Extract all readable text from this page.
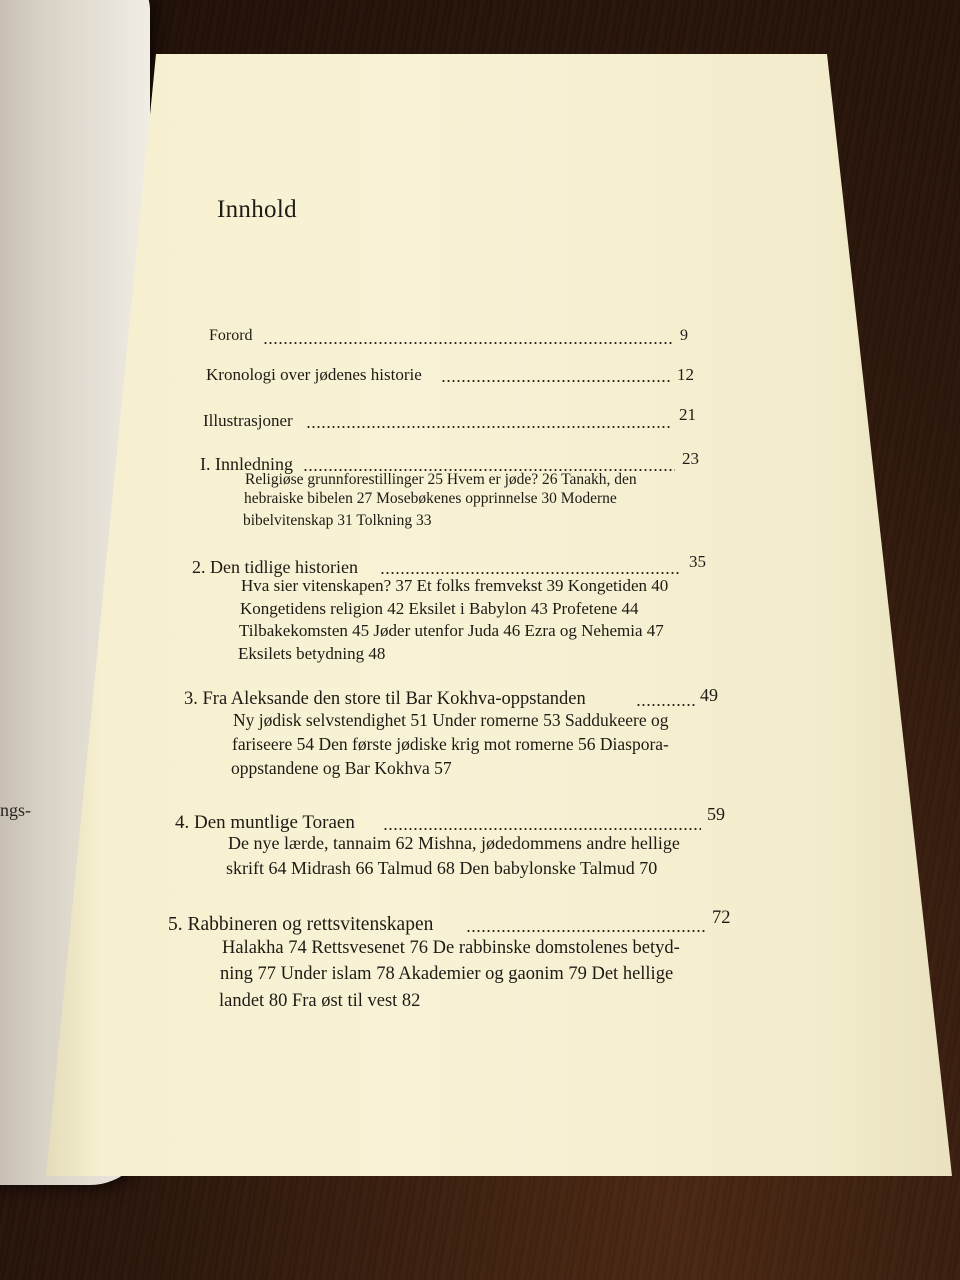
ngs-
Innhold
Forord	9
Kronologi over jødenes historie	12
Illustrasjoner	21
I. Innledning	23
Religiøse grunnforestillinger 25 Hvem er jøde? 26 Tanakh, den
hebraiske bibelen 27 Mosebøkenes opprinnelse 30 Moderne
bibelvitenskap 31 Tolkning 33
2. Den tidlige historien	35
Hva sier vitenskapen? 37 Et folks fremvekst 39 Kongetiden 40
Kongetidens religion 42 Eksilet i Babylon 43 Profetene 44
Tilbakekomsten 45 Jøder utenfor Juda 46 Ezra og Nehemia 47
Eksilets betydning 48
3. Fra Aleksande den store til Bar Kokhva-oppstanden	49
Ny jødisk selvstendighet 51 Under romerne 53 Saddukeere og
fariseere 54 Den første jødiske krig mot romerne 56 Diaspora-
oppstandene og Bar Kokhva 57
4. Den muntlige Toraen	59
De nye lærde, tannaim 62 Mishna, jødedommens andre hellige
skrift 64 Midrash 66 Talmud 68 Den babylonske Talmud 70
5. Rabbineren og rettsvitenskapen	72
Halakha 74 Rettsvesenet 76 De rabbinske domstolenes betyd-
ning 77 Under islam 78 Akademier og gaonim 79 Det hellige
landet 80 Fra øst til vest 82
